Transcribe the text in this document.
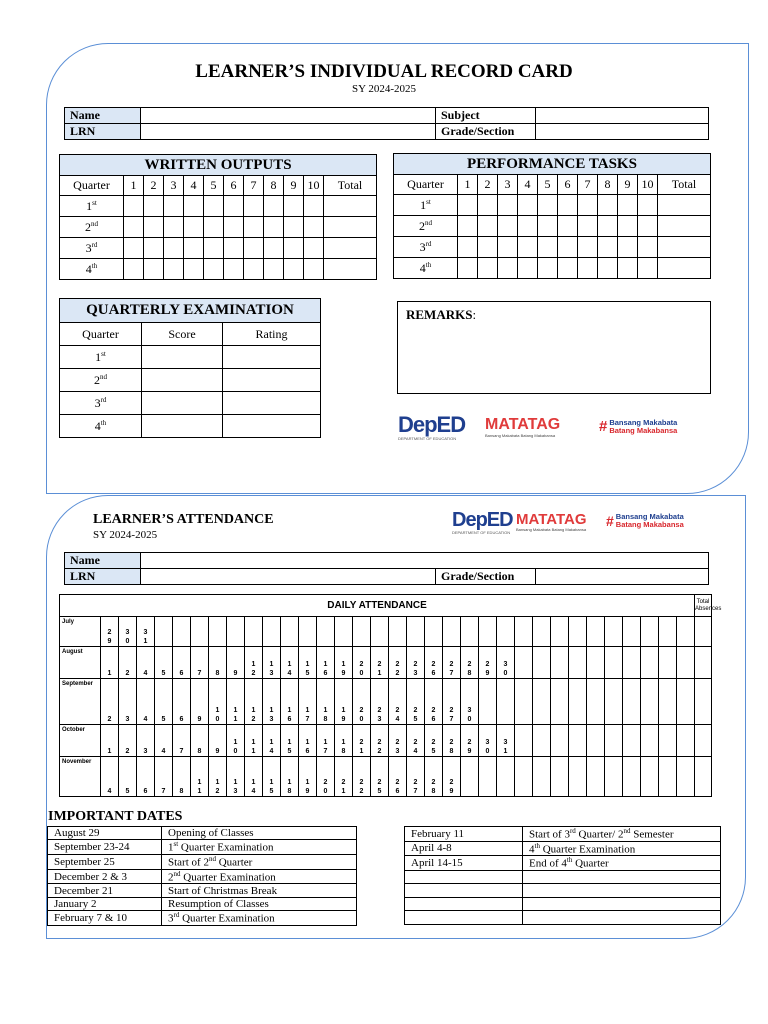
LEARNER’S INDIVIDUAL RECORD CARD
SY 2024-2025
Name		Subject	
LRN		Grade/Section	
WRITTEN OUTPUTS											
Quarter	1	2	3	4	5	6	7	8	9	10	Total
1st											
2nd											
3rd											
4th											
PERFORMANCE TASKS											
Quarter	1	2	3	4	5	6	7	8	9	10	Total
1st											
2nd											
3rd											
4th											
QUARTERLY EXAMINATION		
Quarter	Score	Rating
1st		
2nd		
3rd		
4th		
REMARKS:
DepED
DEPARTMENT OF EDUCATION
MATATAG
Bansang Makabata Batang Makabansa
# Bansang Makabata
Batang Makabansa
LEARNER’S ATTENDANCE
SY 2024-2025
DepED
DEPARTMENT OF EDUCATION
MATATAG
Bansang Makabata Batang Makabansa
# Bansang Makabata
Batang Makabansa
Name			
LRN		Grade/Section	
DAILY ATTENDANCE																																		Total Absences
July	29	30	31																															

August	1	2	4	5	6	7	8	9	12	13	14	15	16	19	20	21	22	23	26	27	28	29	30											

September	2	3	4	5	6	9	10	11	12	13	16	17	18	19	20	23	24	25	26	27	30													

October	1	2	3	4	7	8	9	10	11	14	15	16	17	18	21	22	23	24	25	28	29	30	31											

November	4	5	6	7	8	11	12	13	14	15	18	19	20	21	22	25	26	27	28	29														

IMPORTANT DATES
August 29	Opening of Classes
September 23-24	1st Quarter Examination
September 25	Start of 2nd Quarter
December 2 & 3	2nd Quarter Examination
December 21	Start of Christmas Break
January 2	Resumption of Classes
February 7 & 10	3rd Quarter Examination
February 11	Start of 3rd Quarter/ 2nd Semester
April 4-8	4th Quarter Examination
April 14-15	End of 4th Quarter
